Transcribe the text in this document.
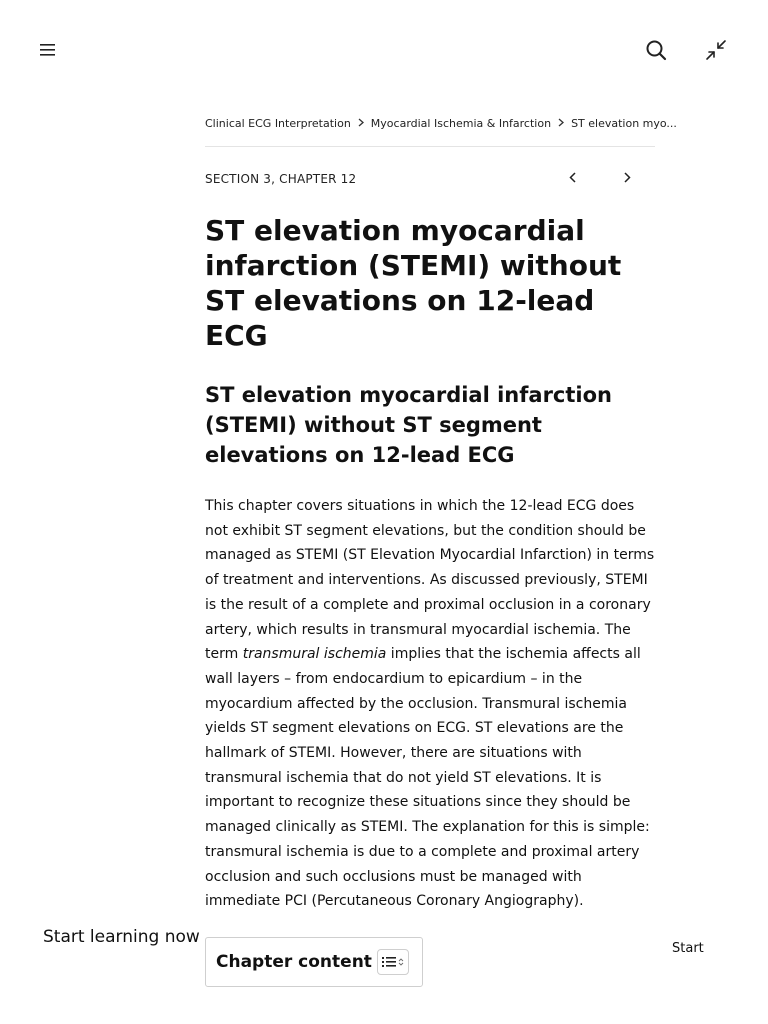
Clinical ECG Interpretation Myocardial Ischemia & Infarction ST elevation myo...
SECTION 3, CHAPTER 12
ST elevation myocardial infarction (STEMI) without ST elevations on 12-lead ECG
ST elevation myocardial infarction (STEMI) without ST segment elevations on 12-lead ECG

This chapter covers situations in which the 12-lead ECG does not exhibit ST segment elevations, but the condition should be managed as STEMI (ST Elevation Myocardial Infarction) in terms of treatment and interventions. As discussed previously, STEMI is the result of a complete and proximal occlusion in a coronary artery, which results in transmural myocardial ischemia. The term transmural ischemia implies that the ischemia affects all wall layers – from endocardium to epicardium – in the myocardium affected by the occlusion. Transmural ischemia yields ST segment elevations on ECG. ST elevations are the hallmark of STEMI. However, there are situations with transmural ischemia that do not yield ST elevations. It is important to recognize these situations since they should be managed clinically as STEMI. The explanation for this is simple: transmural ischemia is due to a complete and proximal artery occlusion and such occlusions must be managed with immediate PCI (Percutaneous Coronary Angiography).

Start learning now
Chapter content
Start
